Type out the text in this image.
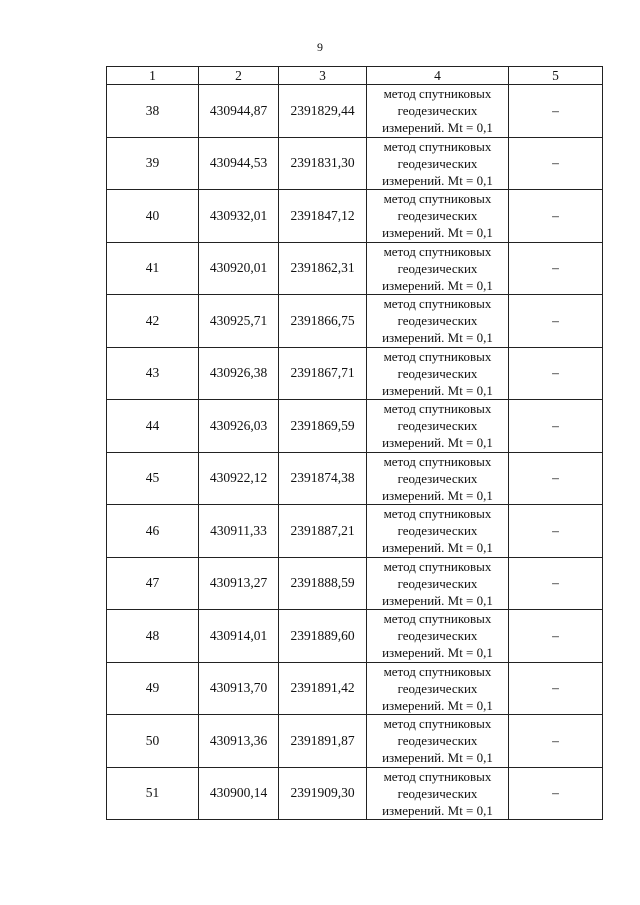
9
1	2	3	4	5
38	430944,87	2391829,44	метод спутниковых
геодезических
измерений. Mt = 0,1	–
39	430944,53	2391831,30	метод спутниковых
геодезических
измерений. Mt = 0,1	–
40	430932,01	2391847,12	метод спутниковых
геодезических
измерений. Mt = 0,1	–
41	430920,01	2391862,31	метод спутниковых
геодезических
измерений. Mt = 0,1	–
42	430925,71	2391866,75	метод спутниковых
геодезических
измерений. Mt = 0,1	–
43	430926,38	2391867,71	метод спутниковых
геодезических
измерений. Mt = 0,1	–
44	430926,03	2391869,59	метод спутниковых
геодезических
измерений. Mt = 0,1	–
45	430922,12	2391874,38	метод спутниковых
геодезических
измерений. Mt = 0,1	–
46	430911,33	2391887,21	метод спутниковых
геодезических
измерений. Mt = 0,1	–
47	430913,27	2391888,59	метод спутниковых
геодезических
измерений. Mt = 0,1	–
48	430914,01	2391889,60	метод спутниковых
геодезических
измерений. Mt = 0,1	–
49	430913,70	2391891,42	метод спутниковых
геодезических
измерений. Mt = 0,1	–
50	430913,36	2391891,87	метод спутниковых
геодезических
измерений. Mt = 0,1	–
51	430900,14	2391909,30	метод спутниковых
геодезических
измерений. Mt = 0,1	–
